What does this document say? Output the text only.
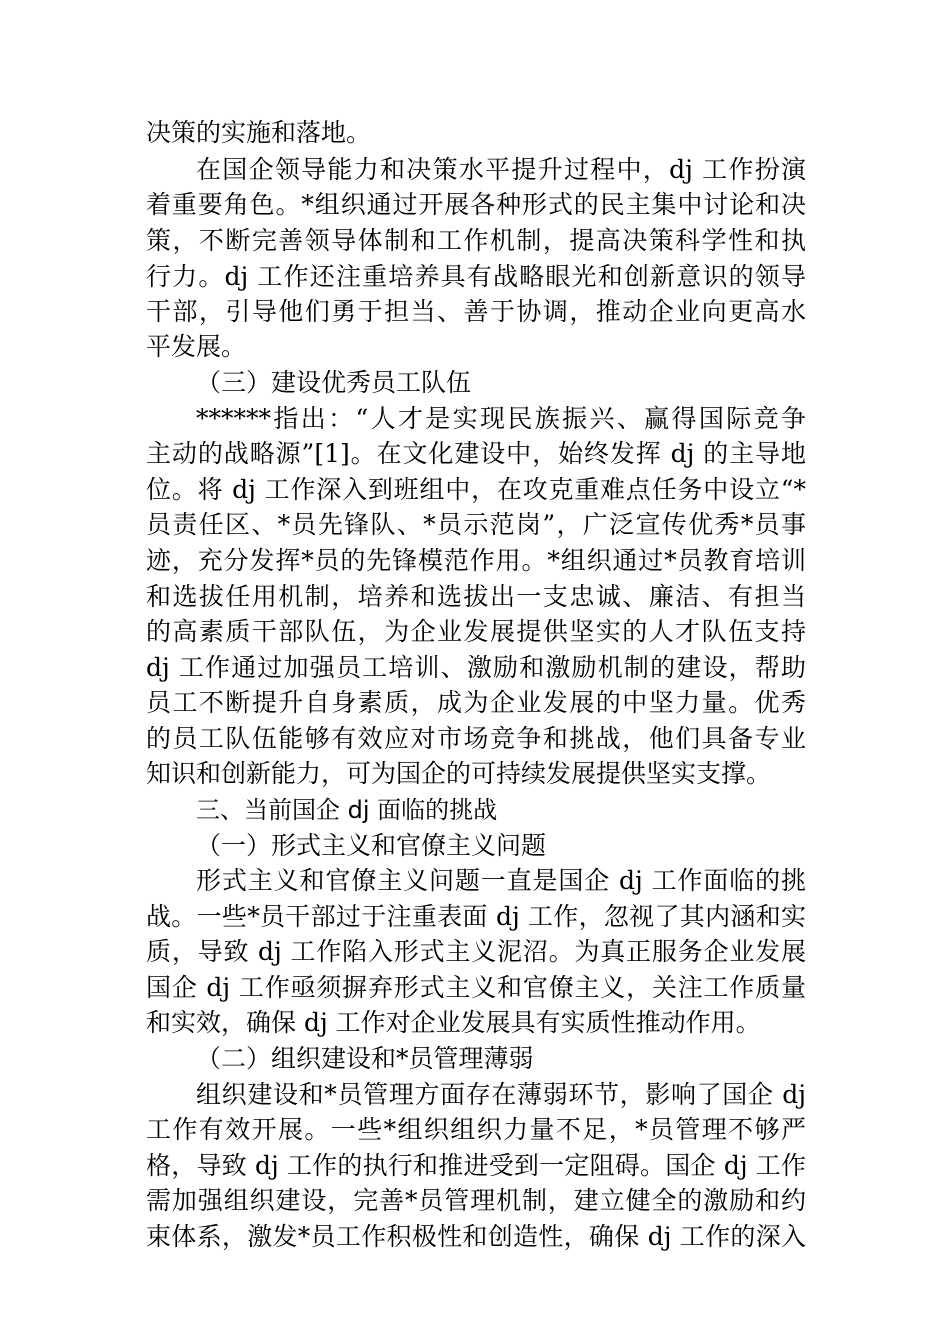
决策的实施和落地。
在国企领导能力和决策水平提升过程中，dj 工作扮演
着重要角色。*组织通过开展各种形式的民主集中讨论和决
策，不断完善领导体制和工作机制，提高决策科学性和执
行力。dj 工作还注重培养具有战略眼光和创新意识的领导
干部，引导他们勇于担当、善于协调，推动企业向更高水
平发展。
（三）建设优秀员工队伍
******指出：“人才是实现民族振兴、赢得国际竞争
主动的战略源”[1]。在文化建设中，始终发挥 dj 的主导地
位。将 dj 工作深入到班组中，在攻克重难点任务中设立“*
员责任区、*员先锋队、*员示范岗”，广泛宣传优秀*员事
迹，充分发挥*员的先锋模范作用。*组织通过*员教育培训
和选拔任用机制，培养和选拔出一支忠诚、廉洁、有担当
的高素质干部队伍，为企业发展提供坚实的人才队伍支持
dj 工作通过加强员工培训、激励和激励机制的建设，帮助
员工不断提升自身素质，成为企业发展的中坚力量。优秀
的员工队伍能够有效应对市场竞争和挑战，他们具备专业
知识和创新能力，可为国企的可持续发展提供坚实支撑。
三、当前国企 dj 面临的挑战
（一）形式主义和官僚主义问题
形式主义和官僚主义问题一直是国企 dj 工作面临的挑
战。一些*员干部过于注重表面 dj 工作，忽视了其内涵和实
质，导致 dj 工作陷入形式主义泥沼。为真正服务企业发展
国企 dj 工作亟须摒弃形式主义和官僚主义，关注工作质量
和实效，确保 dj 工作对企业发展具有实质性推动作用。
（二）组织建设和*员管理薄弱
组织建设和*员管理方面存在薄弱环节，影响了国企 dj
工作有效开展。一些*组织组织力量不足，*员管理不够严
格，导致 dj 工作的执行和推进受到一定阻碍。国企 dj 工作
需加强组织建设，完善*员管理机制，建立健全的激励和约
束体系，激发*员工作积极性和创造性，确保 dj 工作的深入
